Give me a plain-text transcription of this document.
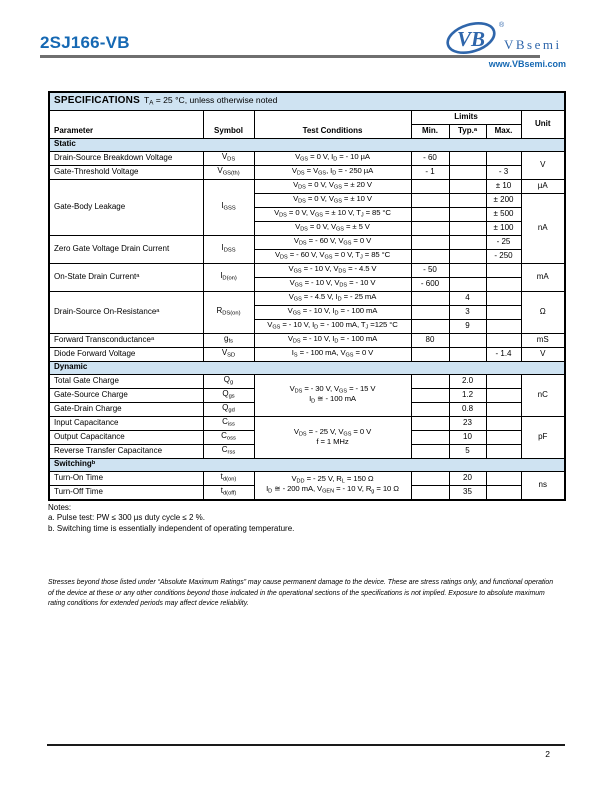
2SJ166-VB	VB
®
VBsemi
www.VBsemi.com
SPECIFICATIONS $T_A = 25$ °C, unless otherwise noted						
Parameter	Symbol	Test Conditions	Limits			Unit
			Min.	Typ.$^a$	Max.	
Static						
Drain-Source Breakdown Voltage	$V_{DS}$	$V_{GS} = 0$ V, $I_D$ = - 10 µA	- 60			V
Gate-Threshold Voltage	$V_{GS(th)}$	$V_{DS} = V_{GS}$, $I_D$ = - 250 µA	- 1		- 3	
Gate-Body Leakage	$I_{GSS}$	$V_{DS} = 0$ V, $V_{GS}$ = ± 20 V			± 10	µA
		$V_{DS} = 0$ V, $V_{GS}$ = ± 10 V			± 200	nA
		$V_{DS} = 0$ V, $V_{GS}$ = ± 10 V, $T_J = 85$ °C			± 500	
		$V_{DS} = 0$ V, $V_{GS}$ = ± 5 V			± 100	
Zero Gate Voltage Drain Current	$I_{DSS}$	$V_{DS}$ = - 60 V, $V_{GS} = 0$ V			- 25	
		$V_{DS}$ = - 60 V, $V_{GS} = 0$ V, $T_J = 85$ °C			- 250	
On-State Drain Current$^a$	$I_{D(on)}$	$V_{GS}$ = - 10 V, $V_{DS}$ = - 4.5 V	- 50			mA
		$V_{GS}$ = - 10 V, $V_{DS}$ = - 10 V	- 600			
Drain-Source On-Resistance$^a$	$R_{DS(on)}$	$V_{GS}$ = - 4.5 V, $I_D$ = - 25 mA		4		Ω
		$V_{GS}$ = - 10 V, $I_D$ = - 100 mA		3		
		$V_{GS}$ = - 10 V, $I_D$ = - 100 mA, $T_J =125$ °C		9		
Forward Transconductance$^a$	$g_{fs}$	$V_{DS}$ = - 10 V, $I_D$ = - 100 mA	80			mS
Diode Forward Voltage	$V_{SD}$	$I_S$ = - 100 mA, $V_{GS} = 0$ V			- 1.4	V
Dynamic						
Total Gate Charge	$Q_g$	$V_{DS}$ = - 30 V, $V_{GS}$ = - 15 V
$I_D$ ≅ - 100 mA		2.0		nC
Gate-Source Charge	$Q_{gs}$			1.2		
Gate-Drain Charge	$Q_{gd}$			0.8		
Input Capacitance	$C_{iss}$	$V_{DS}$ = - 25 V, $V_{GS} = 0$ V
f = 1 MHz		23		pF
Output Capacitance	$C_{oss}$			10		
Reverse Transfer Capacitance	$C_{rss}$			5		
Switching$^b$
Turn-On Time	$t_{d(on)}$	$V_{DD}$ = - 25 V, $R_L = 150$ Ω
$I_D$ ≅ - 200 mA, $V_{GEN}$ = - 10 V, $R_g = 10$ Ω		20		ns
Turn-Off Time	$t_{d(off)}$			35		
Notes:
a. Pulse test: PW ≤ 300 µs duty cycle ≤ 2 %.
b. Switching time is essentially independent of operating temperature.

Stresses beyond those listed under “Absolute Maximum Ratings” may cause permanent damage to the device. These are stress ratings only, and functional operation of the device at these or any other conditions beyond those indicated in the operational sections of the specifications is not implied. Exposure to absolute maximum rating conditions for extended periods may affect device reliability.

2
